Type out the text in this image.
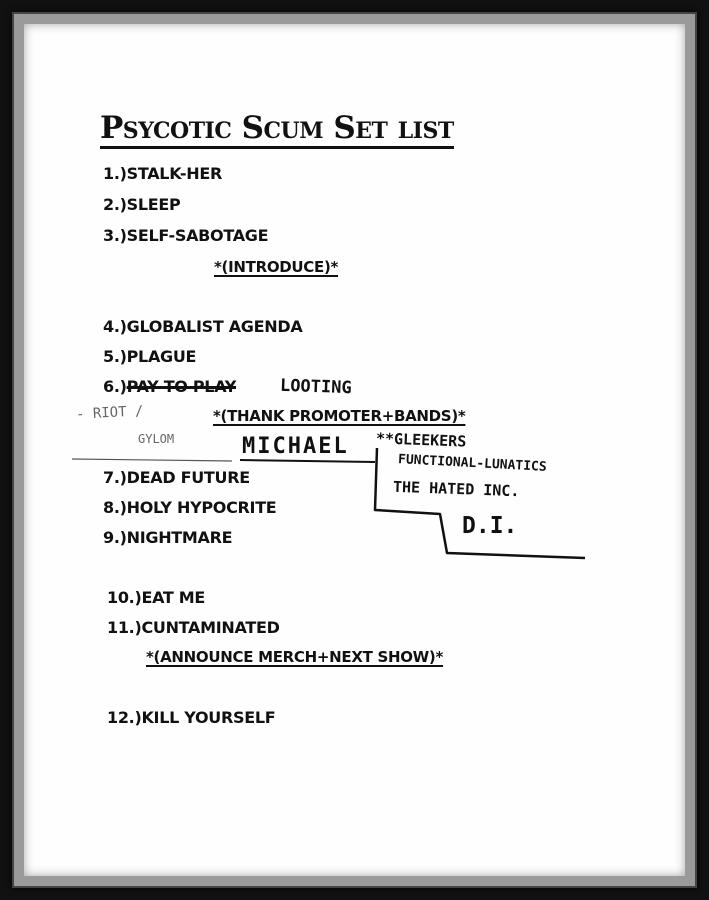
Psycotic Scum Set list
1.)STALK-HER
2.)SLEEP
3.)SELF-SABOTAGE
*(INTRODUCE)*
4.)GLOBALIST AGENDA
5.)PLAGUE
6.)PAY TO PLAY	LOOTING
*(THANK PROMOTER+BANDS)*
- RIOT /
GYLOM	MICHAEL **GLEEKERS
FUNCTIONAL-LUNATICS
THE HATED INC.
D.I.
7.)DEAD FUTURE
8.)HOLY HYPOCRITE
9.)NIGHTMARE
10.)EAT ME
11.)CUNTAMINATED
*(ANNOUNCE MERCH+NEXT SHOW)*
12.)KILL YOURSELF
